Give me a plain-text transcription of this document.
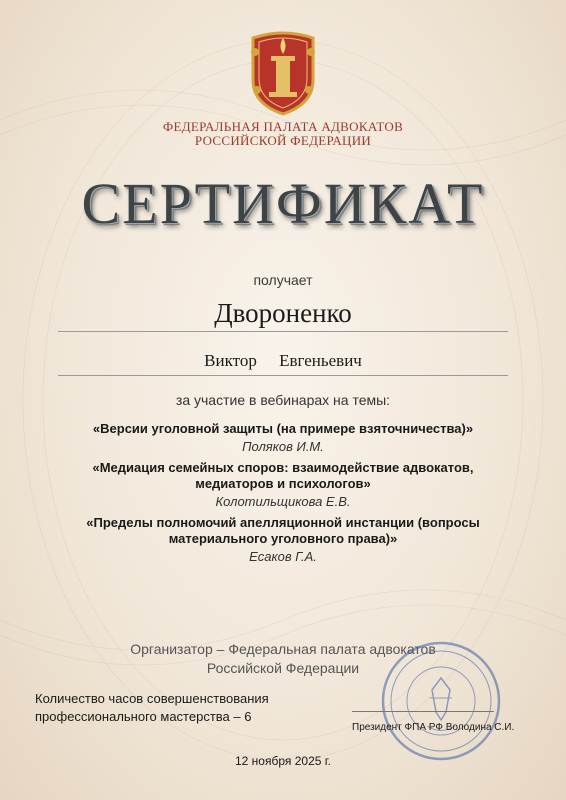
ФЕДЕРАЛЬНАЯ ПАЛАТА АДВОКАТОВ
РОССИЙСКОЙ ФЕДЕРАЦИИ
СЕРТИФИКАТ
получает
Двороненко
Виктор Евгеньевич
за участие в вебинарах на темы:
«Версии уголовной защиты (на примере взяточничества)»
Поляков И.М.
«Медиация семейных споров: взаимодействие адвокатов, медиаторов и психологов»
Колотильщикова Е.В.
«Пределы полномочий апелляционной инстанции (вопросы материального уголовного права)»
Есаков Г.А.
Организатор – Федеральная палата адвокатов
Российской Федерации
Количество часов совершенствования
профессионального мастерства – 6
Президент ФПА РФ Володина С.И.
12 ноября 2025 г.
